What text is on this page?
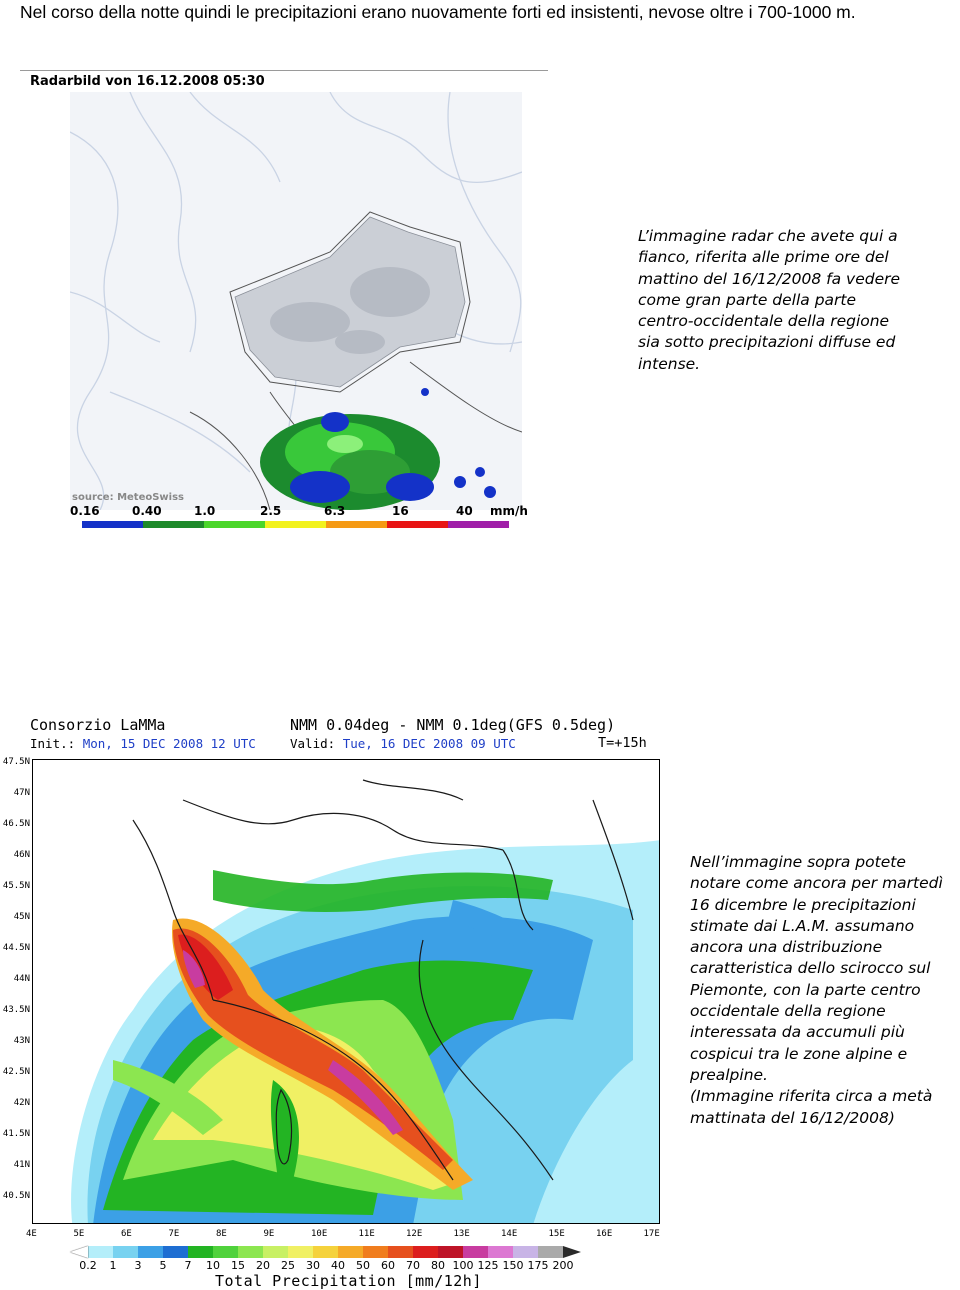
Nel corso della notte quindi le precipitazioni erano nuovamente forti ed insistenti, nevose oltre i 700-1000 m.
Radarbild von 16.12.2008 05:30
source: MeteoSwiss
0.16	0.40	1.0	2.5	6.3	16	40 mm/h
L’immagine radar che avete qui a fianco, riferita alle prime ore del mattino del 16/12/2008 fa vedere come gran parte della parte centro-occidentale della regione sia sotto precipitazioni diffuse ed intense.
Consorzio LaMMa	NMM 0.04deg - NMM 0.1deg(GFS 0.5deg)
Init.: Mon, 15 DEC 2008 12 UTC	Valid: Tue, 16 DEC 2008 09 UTC	T=+15h
47.5N
47N
46.5N
46N
45.5N
45N
44.5N
44N
43.5N
43N
42.5N
42N
41.5N
41N
40.5N
4E	5E	6E	7E	8E	9E	10E	11E	12E	13E	14E	15E	16E	17E
0.2 1 3 5 7 10 15 20 25 30 40 50 60 70 80 100 125 150 175 200
Total Precipitation [mm/12h]
Nell’immagine sopra potete notare come ancora per martedì 16 dicembre le precipitazioni stimate dai L.A.M. assumano ancora una distribuzione caratteristica dello scirocco sul Piemonte, con la parte centro occidentale della regione interessata da accumuli più cospicui tra le zone alpine e prealpine.
(Immagine riferita circa a metà mattinata del 16/12/2008)
